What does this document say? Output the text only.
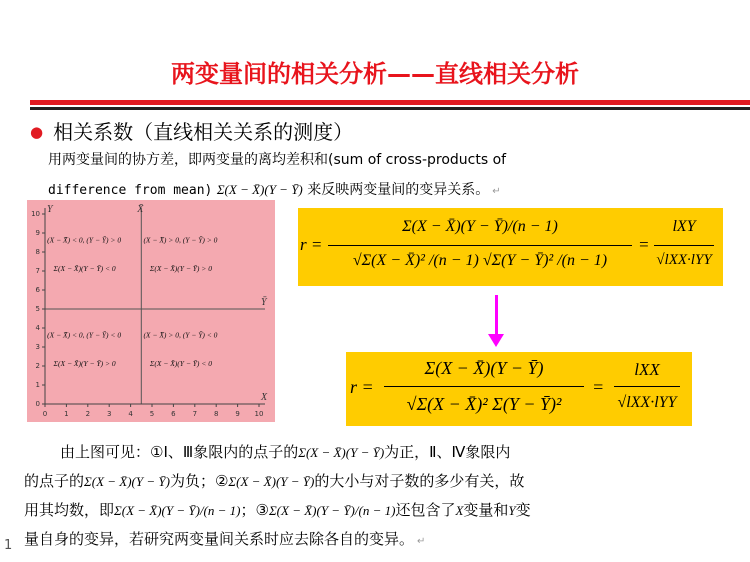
两变量间的相关分析——直线相关分析
● 相关系数（直线相关关系的测度）
用两变量间的协方差，即两变量的离均差积和(sum of cross-products of
difference from mean) Σ(X − X̄)(Y − Ȳ) 来反映两变量间的变异关系。 ↵
Y
X
X̄
Ȳ
0 1 2 3 4 5 6 7 8 9 10
0
1
2
3
4
5
6
7
8
9
10
(X − X̄) < 0, (Y − Ȳ) > 0
Σ(X − X̄)(Y − Ȳ) < 0
(X − X̄) > 0, (Y − Ȳ) > 0
Σ(X − X̄)(Y − Ȳ) > 0
(X − X̄) < 0, (Y − Ȳ) < 0
Σ(X − X̄)(Y − Ȳ) > 0
(X − X̄) > 0, (Y − Ȳ) < 0
Σ(X − X̄)(Y − Ȳ) < 0
r =
Σ(X − X̄)(Y − Ȳ)/(n − 1)
√Σ(X − X̄)² /(n − 1) √Σ(Y − Ȳ)² /(n − 1)
=
lXY
√lXX·lYY
r =
Σ(X − X̄)(Y − Ȳ)
√Σ(X − X̄)² Σ(Y − Ȳ)²
=
lXX
√lXX·lYY
由上图可见：①Ⅰ、Ⅲ象限内的点子的Σ(X − X̄)(Y − Ȳ)为正，Ⅱ、Ⅳ象限内
的点子的Σ(X − X̄)(Y − Ȳ)为负；②Σ(X − X̄)(Y − Ȳ)的大小与对子数的多少有关，故
用其均数，即Σ(X − X̄)(Y − Ȳ)/(n − 1)；③Σ(X − X̄)(Y − Ȳ)/(n − 1)还包含了X变量和Y变
量自身的变异，若研究两变量间关系时应去除各自的变异。 ↵
1
